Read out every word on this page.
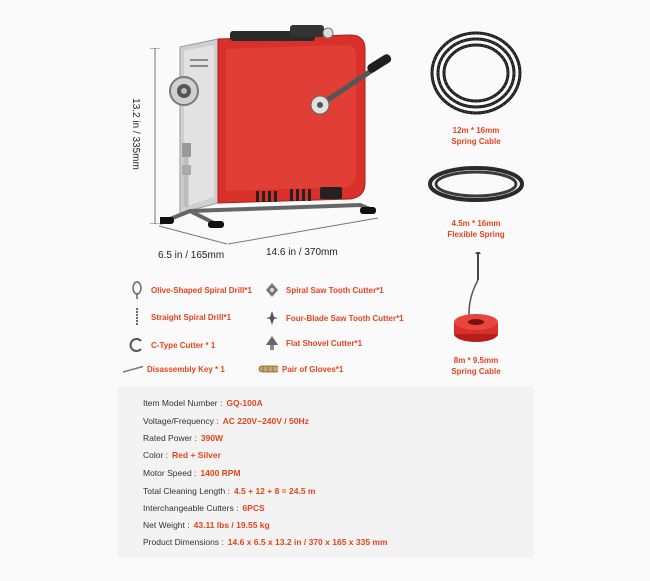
13.2 in / 335mm
6.5 in / 165mm	14.6 in / 370mm
12m * 16mm
Spring Cable
4.5m * 16mm
Flexible Spring
8m * 9.5mm
Spring Cable
Olive-Shaped Spiral Drill*1
Straight Spiral Drill*1
C-Type Cutter * 1
Disassembly Key * 1
Spiral Saw Tooth Cutter*1
Four-Blade Saw Tooth Cutter*1
Flat Shovel Cutter*1
Pair of Gloves*1
Item Model Number : GQ-100A
Voltage/Frequency : AC 220V~240V / 50Hz
Rated Power : 390W
Color : Red + Silver
Motor Speed : 1400 RPM
Total Cleaning Length : 4.5 + 12 + 8 = 24.5 m
Interchangeable Cutters : 6PCS
Net Weight : 43.11 lbs / 19.55 kg
Product Dimensions : 14.6 x 6.5 x 13.2 in / 370 x 165 x 335 mm
